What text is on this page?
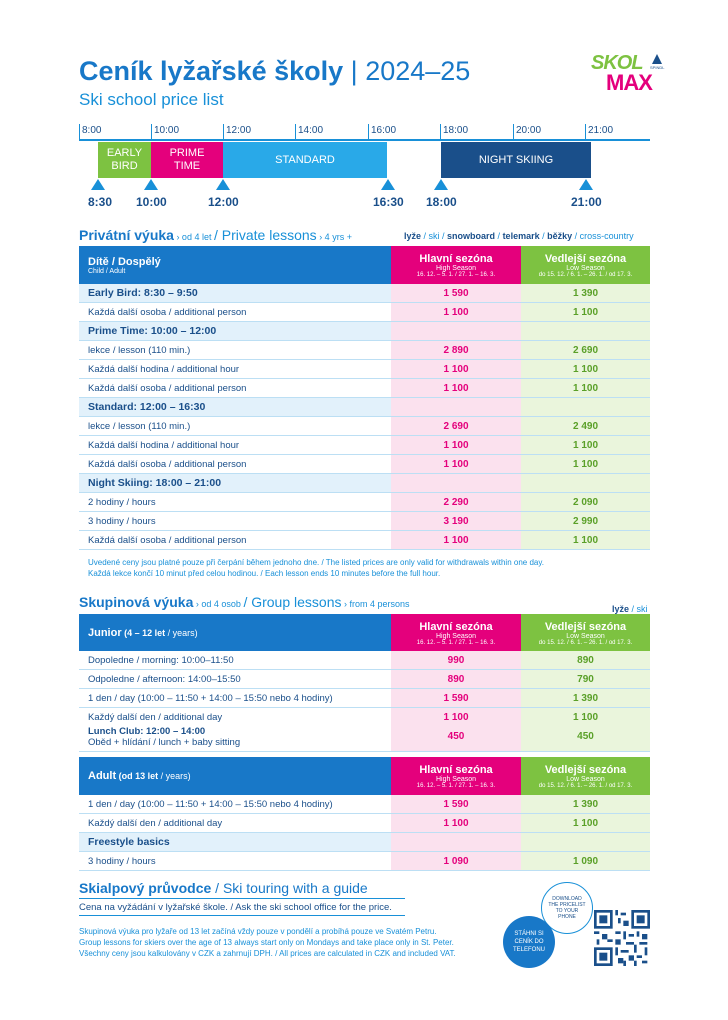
Ceník lyžařské školy | 2024–25
Ski school price list
SKOL
MAX
SPINDL
8:00	10:00	12:00	14:00	16:00	18:00	20:00	21:00
EARLY BIRD
PRIME TIME	STANDARD	NIGHT SKIING
8:30 10:00	12:00	16:30 18:00	21:00
Privátní výuka › od 4 let / Private lessons › 4 yrs +	lyže / ski / snowboard / telemark / běžky / cross-country
Dítě / Dospělý
Child / Adult
Hlavní sezóna
High Season
16. 12. – 5. 1. / 27. 1. – 16. 3.
Vedlejší sezóna
Low Season
do 15. 12. / 6. 1. – 26. 1. / od 17. 3.
Early Bird: 8:30 – 9:50	1 590	1 390
Každá další osoba / additional person	1 100	1 100
Prime Time: 10:00 – 12:00
lekce / lesson (110 min.)	2 890	2 690
Každá další hodina / additional hour	1 100	1 100
Každá další osoba / additional person	1 100	1 100
Standard: 12:00 – 16:30
lekce / lesson (110 min.)	2 690	2 490
Každá další hodina / additional hour	1 100	1 100
Každá další osoba / additional person	1 100	1 100
Night Skiing: 18:00 – 21:00
2 hodiny / hours	2 290	2 090
3 hodiny / hours	3 190	2 990
Každá další osoba / additional person	1 100	1 100
Uvedené ceny jsou platné pouze při čerpání během jednoho dne. / The listed prices are only valid for withdrawals within one day.
Každá lekce končí 10 minut před celou hodinou. / Each lesson ends 10 minutes before the full hour.
Skupinová výuka › od 4 osob / Group lessons › from 4 persons	lyže / ski
Junior (4 – 12 let / years)
Hlavní sezóna
High Season
16. 12. – 5. 1. / 27. 1. – 16. 3.
Vedlejší sezóna
Low Season
do 15. 12. / 6. 1. – 26. 1. / od 17. 3.
Dopoledne / morning: 10:00–11:50	990	890
Odpoledne / afternoon: 14:00–15:50	890	790
1 den / day (10:00 – 11:50 + 14:00 – 15:50 nebo 4 hodiny)	1 590	1 390
Každý další den / additional day	1 100	1 100
Lunch Club: 12:00 – 14:00
Oběd + hlídání / lunch + baby sitting	450	450
Adult (od 13 let / years)
Hlavní sezóna
High Season
16. 12. – 5. 1. / 27. 1. – 16. 3.
Vedlejší sezóna
Low Season
do 15. 12. / 6. 1. – 26. 1. / od 17. 3.
1 den / day (10:00 – 11:50 + 14:00 – 15:50 nebo 4 hodiny)	1 590	1 390
Každý další den / additional day	1 100	1 100
Freestyle basics
3 hodiny / hours	1 090	1 090
Skialpový průvodce / Ski touring with a guide
Cena na vyžádání v lyžařské škole. / Ask the ski school office for the price.
Skupinová výuka pro lyžaře od 13 let začíná vždy pouze v pondělí a probíhá pouze ve Svatém Petru.
Group lessons for skiers over the age of 13 always start only on Mondays and take place only in St. Peter.
Všechny ceny jsou kalkulovány v CZK a zahrnují DPH. / All prices are calculated in CZK and included VAT.
DOWNLOAD THE PRICELIST TO YOUR PHONE
STÁHNI SI CENÍK DO TELEFONU
